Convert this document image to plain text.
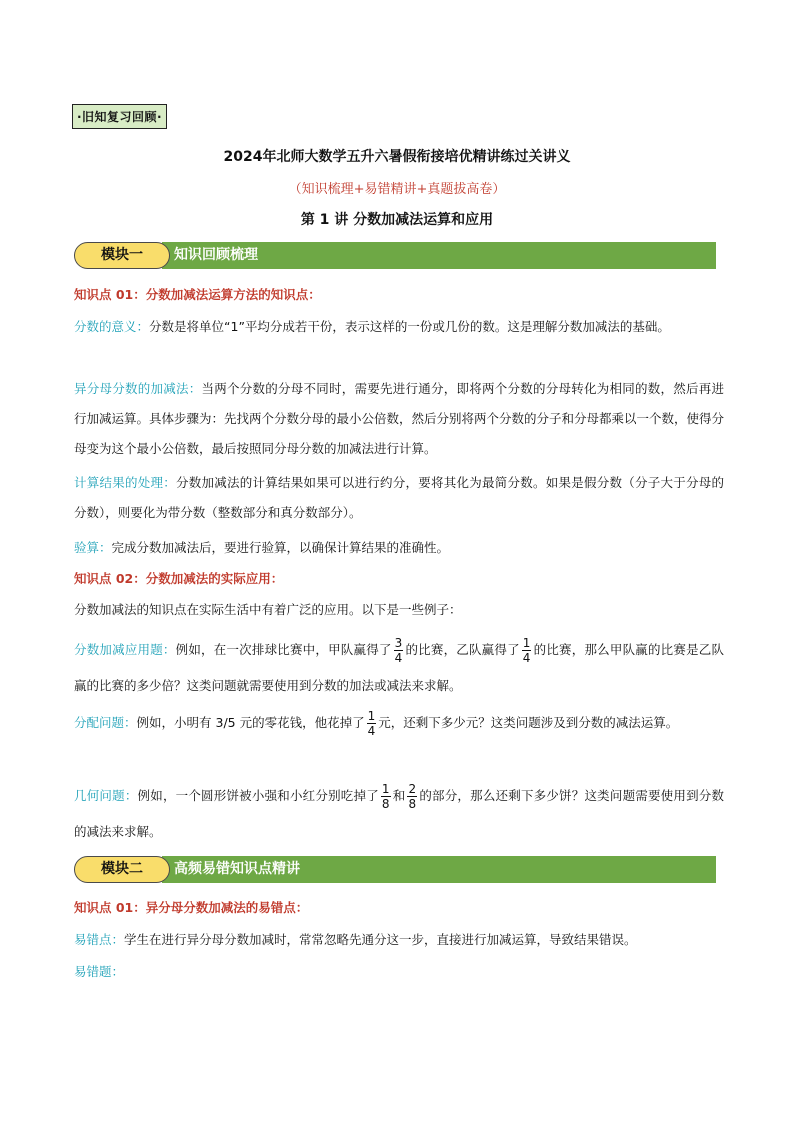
·旧知复习回顾·
2024年北师大数学五升六暑假衔接培优精讲练过关讲义
（知识梳理+易错精讲+真题拔高卷）
第 1 讲 分数加减法运算和应用
知识回顾梳理
模块一
知识点 01：分数加减法运算方法的知识点：
分数的意义：分数是将单位“1”平均分成若干份，表示这样的一份或几份的数。这是理解分数加减法的基础。
异分母分数的加减法：当两个分数的分母不同时，需要先进行通分，即将两个分数的分母转化为相同的数，然后再进行加减运算。具体步骤为：先找两个分数分母的最小公倍数，然后分别将两个分数的分子和分母都乘以一个数，使得分母变为这个最小公倍数，最后按照同分母分数的加减法进行计算。
计算结果的处理：分数加减法的计算结果如果可以进行约分，要将其化为最简分数。如果是假分数（分子大于分母的分数），则要化为带分数（整数部分和真分数部分）。
验算：完成分数加减法后，要进行验算，以确保计算结果的准确性。
知识点 02：分数加减法的实际应用：
分数加减法的知识点在实际生活中有着广泛的应用。以下是一些例子：
分数加减应用题：例如，在一次排球比赛中，甲队赢得了 $\frac{3}{4}$ 的比赛，乙队赢得了 $\frac{1}{4}$ 的比赛，那么甲队赢的比赛是乙队赢的比赛的多少倍？这类问题就需要使用到分数的加法或减法来求解。
分配问题：例如，小明有 3/5 元的零花钱，他花掉了 $\frac{1}{4}$ 元，还剩下多少元？这类问题涉及到分数的减法运算。
几何问题：例如，一个圆形饼被小强和小红分别吃掉了 $\frac{1}{8}$ 和 $\frac{2}{8}$ 的部分，那么还剩下多少饼？这类问题需要使用到分数的减法来求解。
高频易错知识点精讲
模块二
知识点 01：异分母分数加减法的易错点：
易错点：学生在进行异分母分数加减时，常常忽略先通分这一步，直接进行加减运算，导致结果错误。
易错题：
